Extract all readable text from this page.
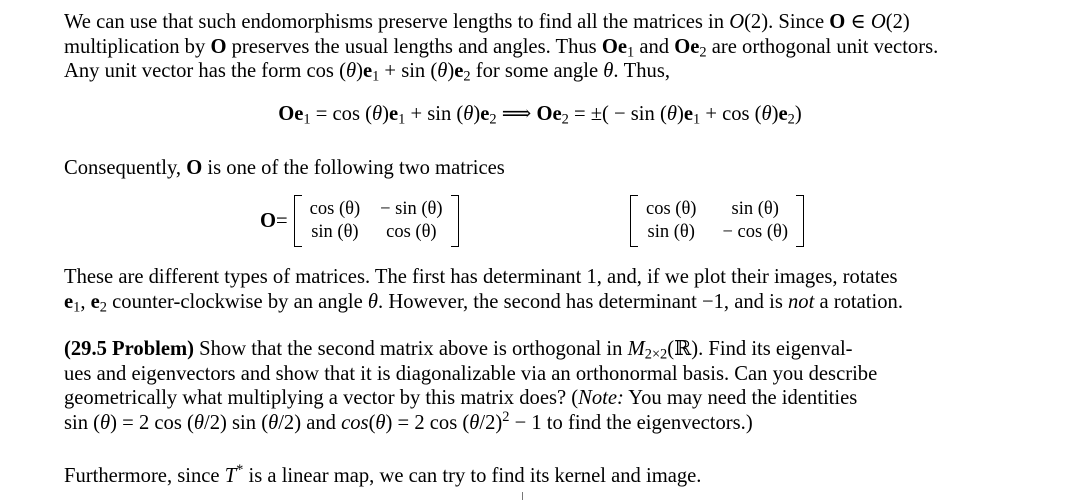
We can use that such endomorphisms preserve lengths to find all the matrices in O(2). Since O ∈ O(2)

multiplication by O preserves the usual lengths and angles. Thus $Oe_1$ and $Oe_2$ are orthogonal unit vectors.

Any unit vector has the form $\cos (\theta)e_1 + \sin (\theta)e_2$ for some angle θ. Thus,

$Oe_1 = \cos (\theta)e_1 + \sin (\theta)e_2$ ⟹ $Oe_2$ = ±( − $\sin (\theta)e_1 + \cos (\theta)e_2$)
Consequently, O is one of the following two matrices
O =
cos (θ) − sin (θ)
sin (θ)	cos (θ)
cos (θ)	sin (θ)
sin (θ) − cos (θ)

These are different types of matrices. The first has determinant 1, and, if we plot their images, rotates

$e_1$, $e_2$ counter-clockwise by an angle θ. However, the second has determinant −1, and is not a rotation.

(29.5 Problem) Show that the second matrix above is orthogonal in $M_{2\times 2}(ℝ)$. Find its eigenval-

ues and eigenvectors and show that it is diagonalizable via an orthonormal basis. Can you describe

geometrically what multiplying a vector by this matrix does? (Note: You may need the identities

sin (θ) = 2 cos (θ/2) sin (θ/2) and cos(θ) = 2 $\cos (\theta/2)^2 - 1$ to find the eigenvectors.)

Furthermore, since T* is a linear map, we can try to find its kernel and image.
